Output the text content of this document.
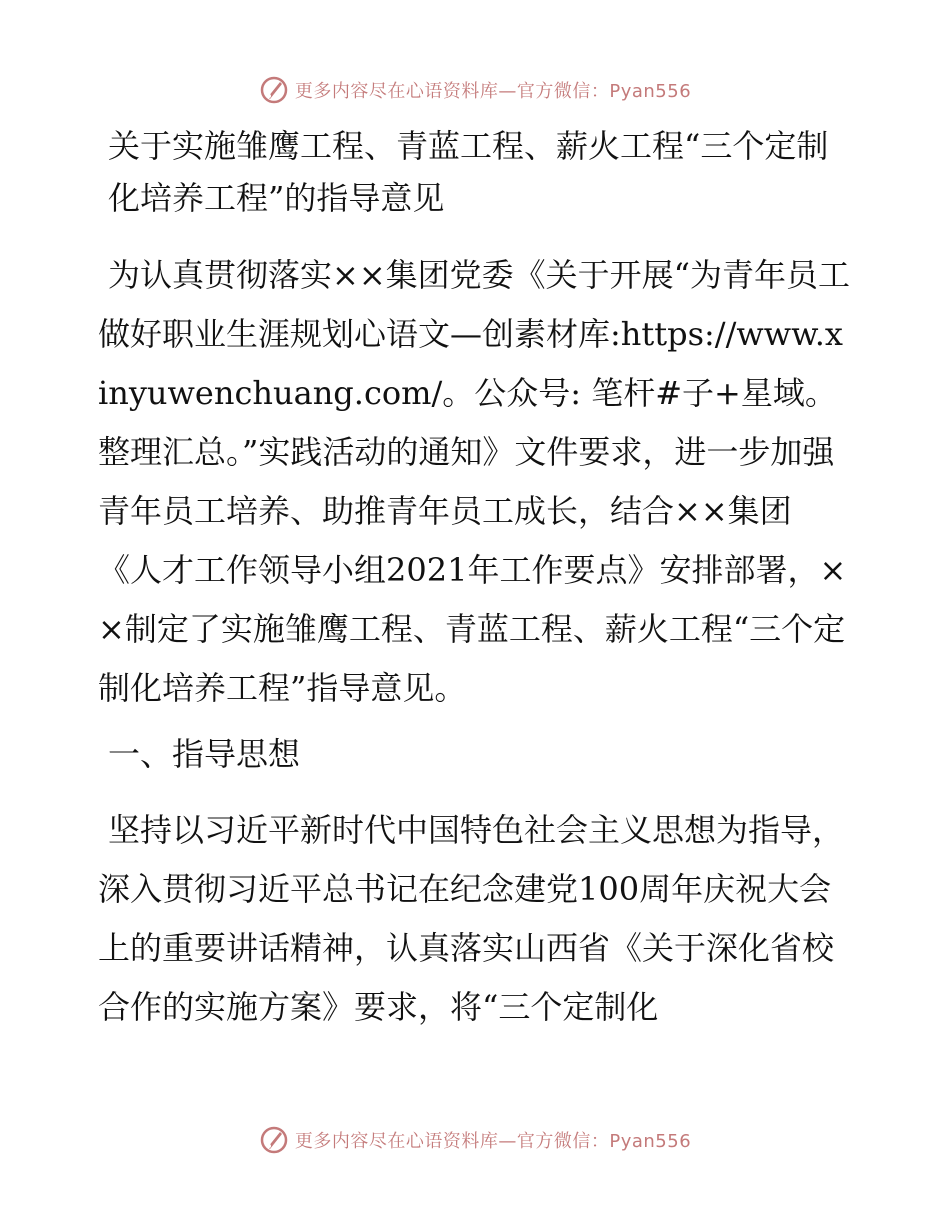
更多内容尽在心语资料库—官方微信：Pyan556
关于实施雏鹰工程、青蓝工程、薪火工程“三个定制化培养工程”的指导意见

为认真贯彻落实××集团党委《关于开展“为青年员工做好职业生涯规划心语文—创素材库:https://www.xinyuwenchuang.com/。公众号: 笔杆#子+星域。整理汇总。”实践活动的通知》文件要求，进一步加强青年员工培养、助推青年员工成长，结合××集团《人才工作领导小组2021年工作要点》安排部署，××制定了实施雏鹰工程、青蓝工程、薪火工程“三个定制化培养工程”指导意见。

一、指导思想

坚持以习近平新时代中国特色社会主义思想为指导，深入贯彻习近平总书记在纪念建党100周年庆祝大会上的重要讲话精神，认真落实山西省《关于深化省校合作的实施方案》要求，将“三个定制化

更多内容尽在心语资料库—官方微信：Pyan556
